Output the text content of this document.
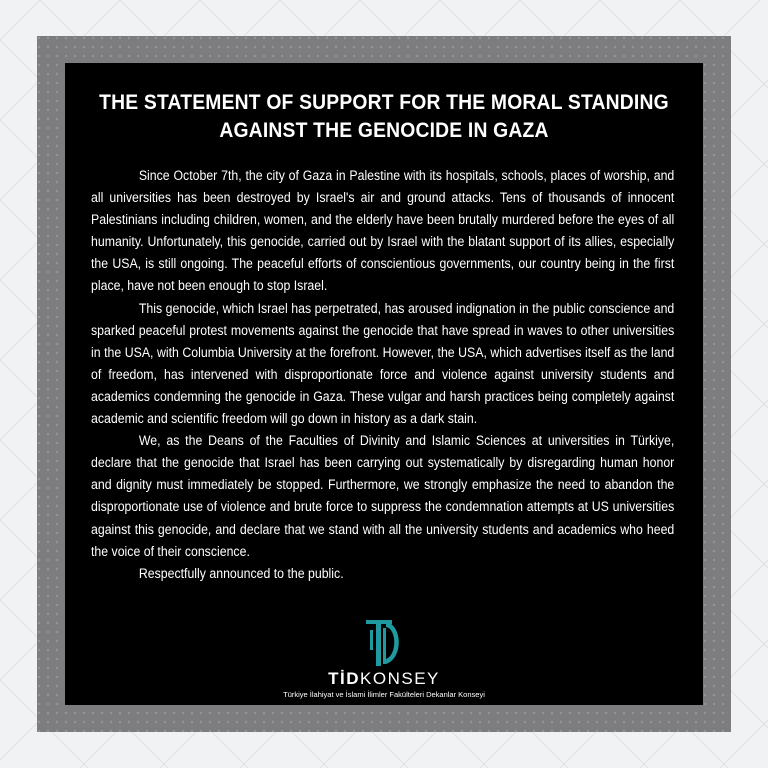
THE STATEMENT OF SUPPORT FOR THE MORAL STANDING
AGAINST THE GENOCIDE IN GAZA

Since October 7th, the city of Gaza in Palestine with its hospitals, schools, places of worship, and all universities has been destroyed by Israel's air and ground attacks. Tens of thousands of innocent Palestinians including children, women, and the elderly have been brutally murdered before the eyes of all humanity. Unfortunately, this genocide, carried out by Israel with the blatant support of its allies, especially the USA, is still ongoing. The peaceful efforts of conscientious governments, our country being in the first place, have not been enough to stop Israel.

This genocide, which Israel has perpetrated, has aroused indignation in the public conscience and sparked peaceful protest movements against the genocide that have spread in waves to other universities in the USA, with Columbia University at the forefront. However, the USA, which advertises itself as the land of freedom, has intervened with disproportionate force and violence against university students and academics condemning the genocide in Gaza. These vulgar and harsh practices being completely against academic and scientific freedom will go down in history as a dark stain.

We, as the Deans of the Faculties of Divinity and Islamic Sciences at universities in Türkiye, declare that the genocide that Israel has been carrying out systematically by disregarding human honor and dignity must immediately be stopped. Furthermore, we strongly emphasize the need to abandon the disproportionate use of violence and brute force to suppress the condemnation attempts at US universities against this genocide, and declare that we stand with all the university students and academics who heed the voice of their conscience.

Respectfully announced to the public.

TİDKONSEY
Türkiye İlahiyat ve İslami İlimler Fakülteleri Dekanlar Konseyi
